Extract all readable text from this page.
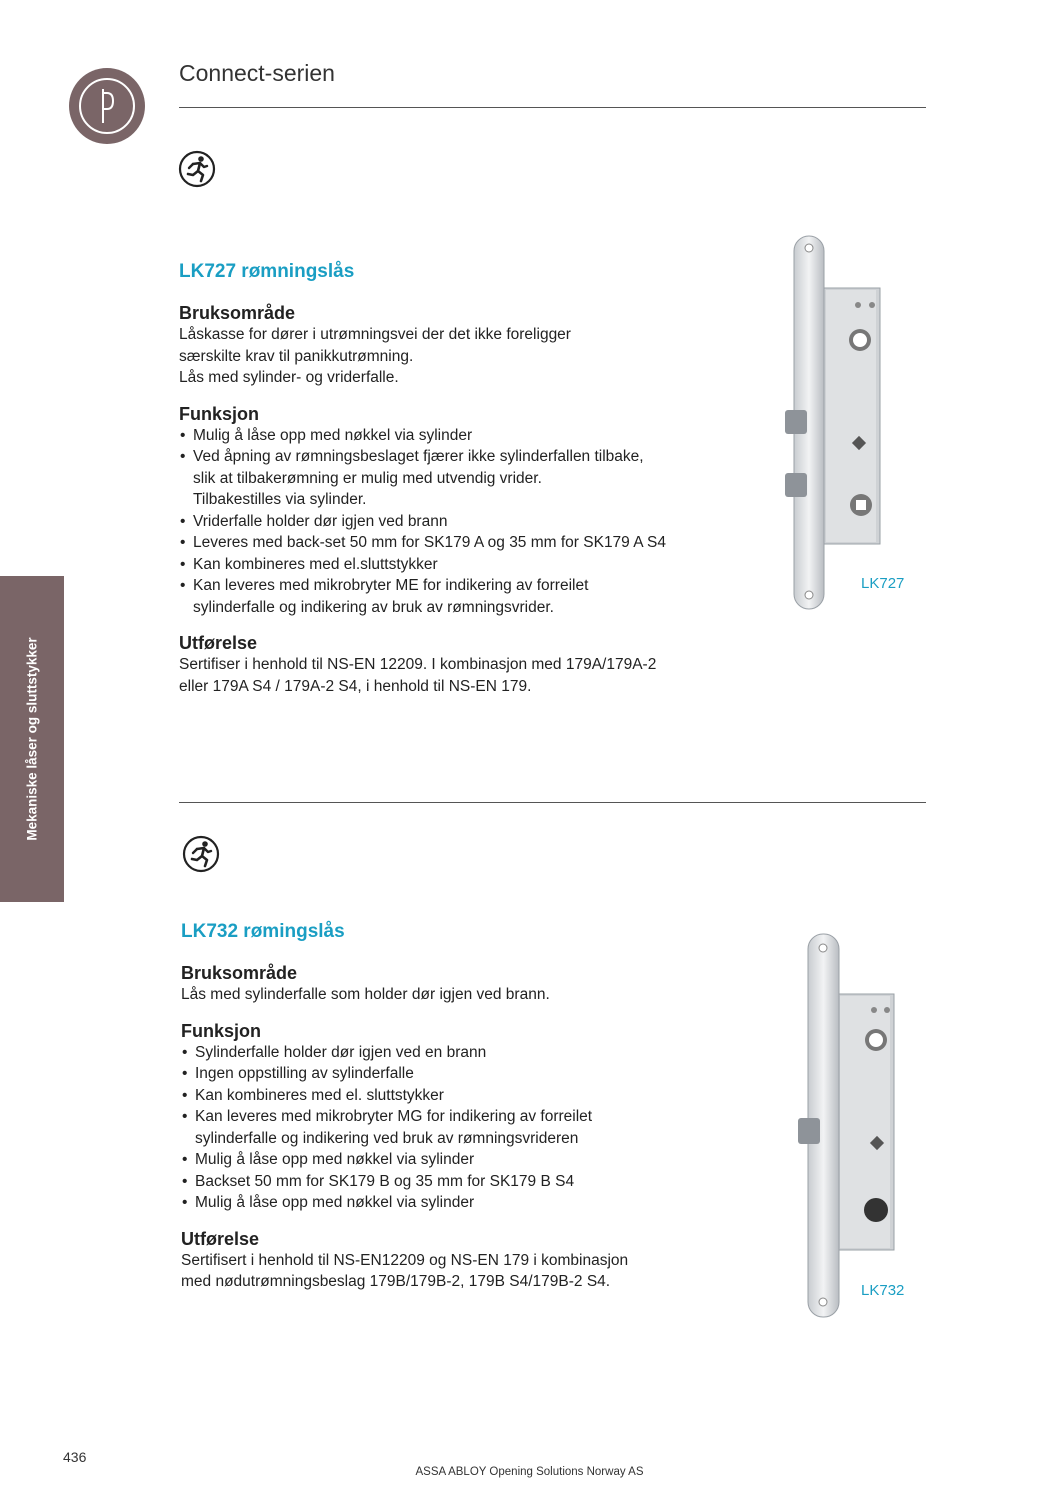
Connect-serien
Mekaniske låser og sluttstykker
LK727 rømningslås
Bruksområde

Låskasse for dører i utrømningsvei der det ikke foreligger

særskilte krav til panikkutrømning.

Lås med sylinder- og vriderfalle.

Funksjon
• Mulig å låse opp med nøkkel via sylinder
• Ved åpning av rømningsbeslaget fjærer ikke sylinderfallen tilbake,
slik at tilbakerømning er mulig med utvendig vrider.
Tilbakestilles via sylinder.
• Vriderfalle holder dør igjen ved brann
• Leveres med back-set 50 mm for SK179 A og 35 mm for SK179 A S4
• Kan kombineres med el.sluttstykker
• Kan leveres med mikrobryter ME for indikering av forreilet
sylinderfalle og indikering av bruk av rømningsvrider.
Utførelse

Sertifiser i henhold til NS-EN 12209. I kombinasjon med 179A/179A-2

eller 179A S4 / 179A-2 S4, i henhold til NS-EN 179.

LK727
LK732 rømingslås
Bruksområde

Lås med sylinderfalle som holder dør igjen ved brann.

Funksjon
• Sylinderfalle holder dør igjen ved en brann
• Ingen oppstilling av sylinderfalle
• Kan kombineres med el. sluttstykker
• Kan leveres med mikrobryter MG for indikering av forreilet
sylinderfalle og indikering ved bruk av rømningsvrideren
• Mulig å låse opp med nøkkel via sylinder
• Backset 50 mm for SK179 B og 35 mm for SK179 B S4
• Mulig å låse opp med nøkkel via sylinder
Utførelse

Sertifisert i henhold til NS-EN12209 og NS-EN 179 i kombinasjon

med nødutrømningsbeslag 179B/179B-2, 179B S4/179B-2 S4.

LK732
436
ASSA ABLOY Opening Solutions Norway AS
